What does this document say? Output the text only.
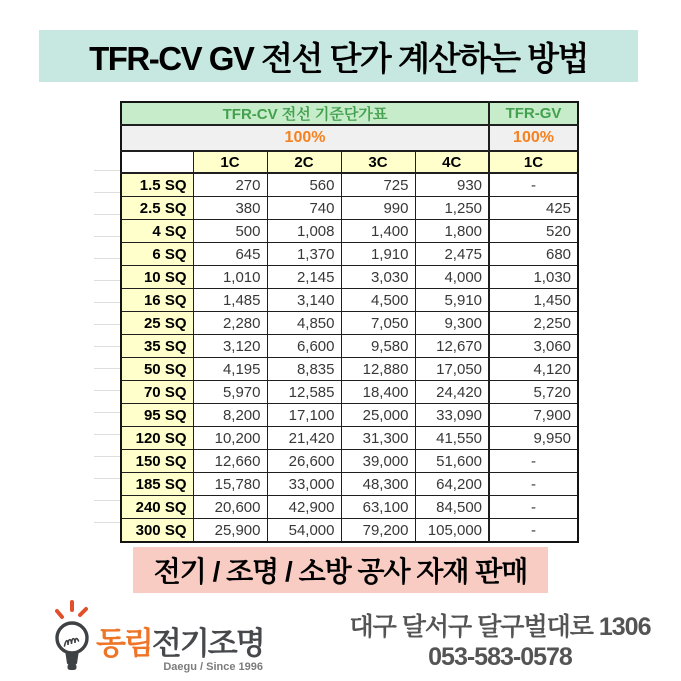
TFR-CV GV 전선 단가 계산하는 방법
TFR-CV 전선 기준단가표					TFR-GV
100%					100%
	1C	2C	3C	4C	1C
1.5 SQ	270	560	725	930	-
2.5 SQ	380	740	990	1,250	425
4 SQ	500	1,008	1,400	1,800	520
6 SQ	645	1,370	1,910	2,475	680
10 SQ	1,010	2,145	3,030	4,000	1,030
16 SQ	1,485	3,140	4,500	5,910	1,450
25 SQ	2,280	4,850	7,050	9,300	2,250
35 SQ	3,120	6,600	9,580	12,670	3,060
50 SQ	4,195	8,835	12,880	17,050	4,120
70 SQ	5,970	12,585	18,400	24,420	5,720
95 SQ	8,200	17,100	25,000	33,090	7,900
120 SQ	10,200	21,420	31,300	41,550	9,950
150 SQ	12,660	26,600	39,000	51,600	-
185 SQ	15,780	33,000	48,300	64,200	-
240 SQ	20,600	42,900	63,100	84,500	-
300 SQ	25,900	54,000	79,200	105,000	-
전기 / 조명 / 소방 공사 자재 판매
동림전기조명
Daegu / Since 1996
대구 달서구 달구벌대로 1306
053-583-0578
